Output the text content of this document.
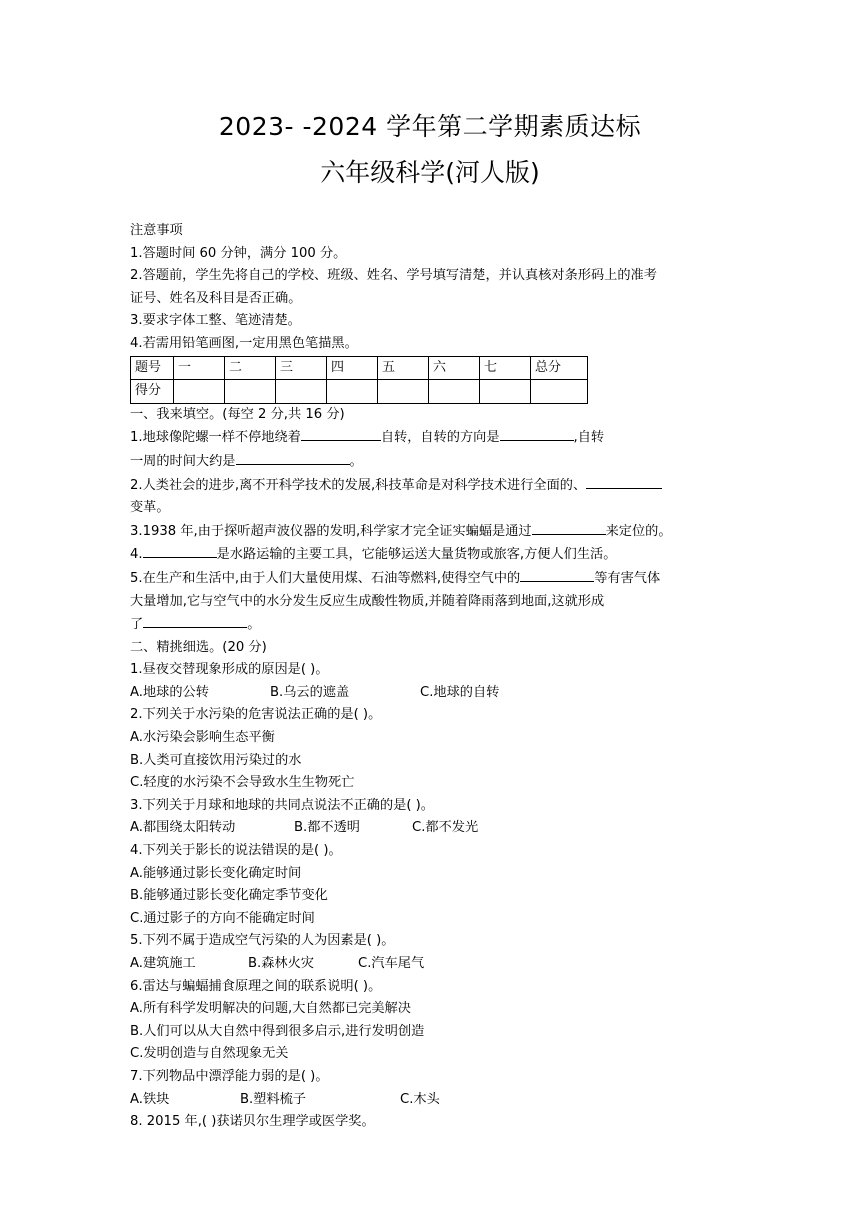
2023- -2024 学年第二学期素质达标
六年级科学(河人版)
注意事项
1.答题时间 60 分钟，满分 100 分。
2.答题前，学生先将自己的学校、班级、姓名、学号填写清楚，并认真核对条形码上的准考
证号、姓名及科目是否正确。
3.要求字体工整、笔迹清楚。
4.若需用铅笔画图,一定用黑色笔描黑。
题号	一	二	三	四	五	六	七	总分
得分								
一、我来填空。(每空 2 分,共 16 分)
1.地球像陀螺一样不停地绕着	自转，自转的方向是	,自转
一周的时间大约是	。
2.人类社会的进步,离不开科学技术的发展,科技革命是对科学技术进行全面的、
变革。
3.1938 年,由于探听超声波仪器的发明,科学家才完全证实蝙蝠是通过	来定位的。
4.	是水路运输的主要工具，它能够运送大量货物或旅客,方便人们生活。
5.在生产和生活中,由于人们大量使用煤、石油等燃料,使得空气中的	等有害气体
大量增加,它与空气中的水分发生反应生成酸性物质,并随着降雨落到地面,这就形成
了	。
二、精挑细选。(20 分)
1.昼夜交替现象形成的原因是( )。
A.地球的公转	B.乌云的遮盖	C.地球的自转
2.下列关于水污染的危害说法正确的是( )。
A.水污染会影响生态平衡
B.人类可直接饮用污染过的水
C.轻度的水污染不会导致水生生物死亡
3.下列关于月球和地球的共同点说法不正确的是( )。
A.都围绕太阳转动	B.都不透明	C.都不发光
4.下列关于影长的说法错误的是( )。
A.能够通过影长变化确定时间
B.能够通过影长变化确定季节变化
C.通过影子的方向不能确定时间
5.下列不属于造成空气污染的人为因素是( )。
A.建筑施工	B.森林火灾	C.汽车尾气
6.雷达与蝙蝠捕食原理之间的联系说明( )。
A.所有科学发明解决的问题,大自然都已完美解决
B.人们可以从大自然中得到很多启示,进行发明创造
C.发明创造与自然现象无关
7.下列物品中漂浮能力弱的是( )。
A.铁块	B.塑料梳子	C.木头
8. 2015 年,( )获诺贝尔生理学或医学奖。
